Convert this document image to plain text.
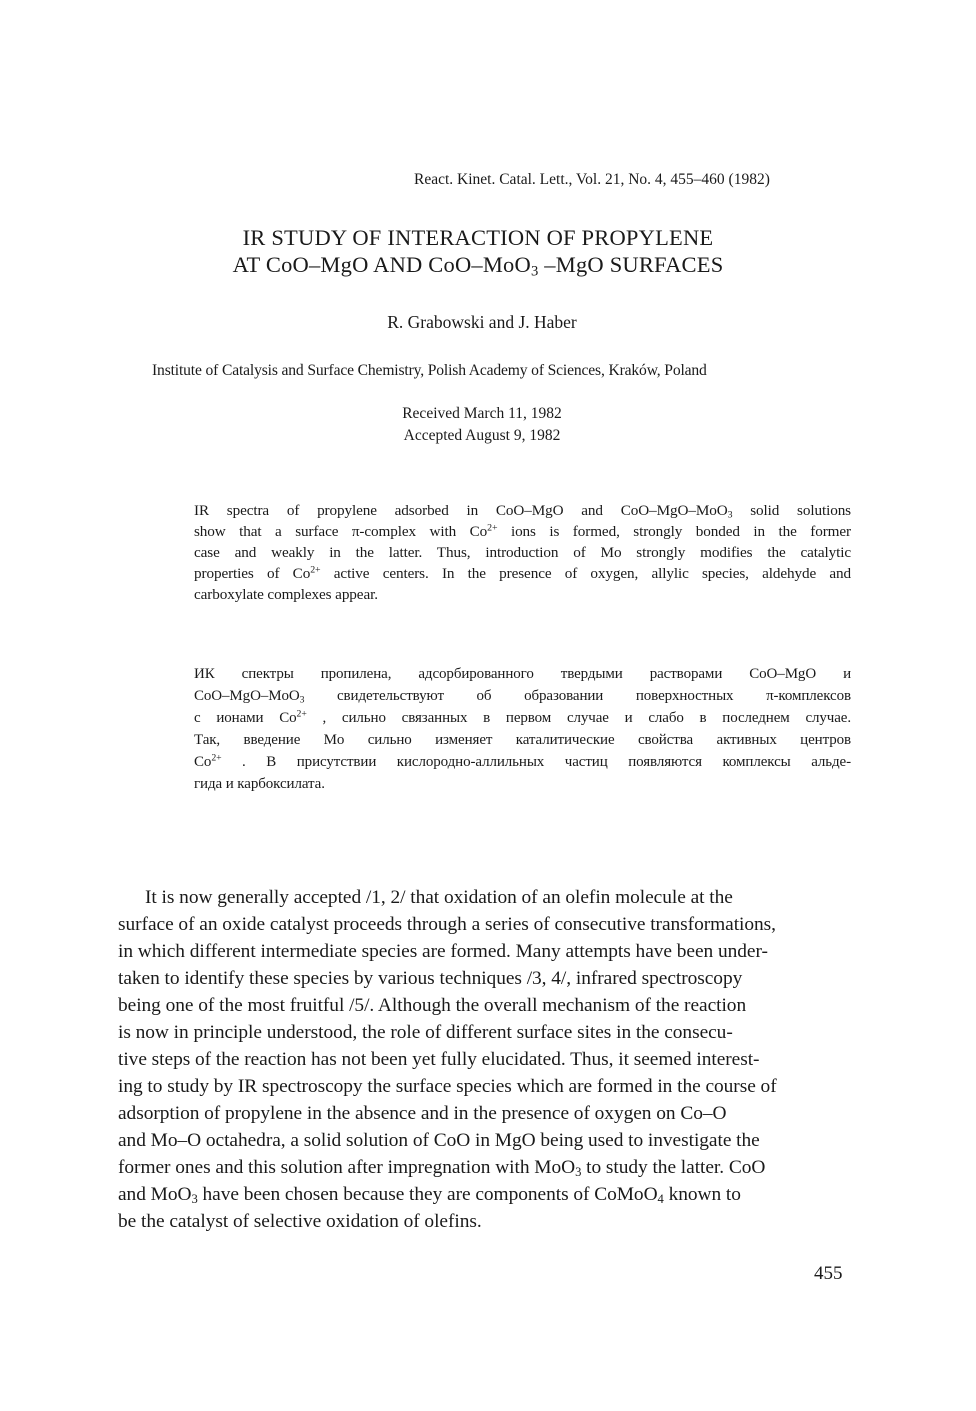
React. Kinet. Catal. Lett., Vol. 21, No. 4, 455–460 (1982)
IR STUDY OF INTERACTION OF PROPYLENE
AT CoO–MgO AND CoO–MoO$_3$ –MgO SURFACES
R. Grabowski and J. Haber
Institute of Catalysis and Surface Chemistry, Polish Academy of Sciences, Kraków, Poland
Received March 11, 1982
Accepted August 9, 1982
IR spectra of propylene adsorbed in CoO–MgO and CoO–MgO–MoO$_3$ solid solutions
show that a surface π-complex with $Co^{2+}$ ions is formed, strongly bonded in the former
case and weakly in the latter. Thus, introduction of Mo strongly modifies the catalytic
properties of $Co^{2+}$ active centers. In the presence of oxygen, allylic species, aldehyde and
carboxylate complexes appear.
ИК спектры пропилена, адсорбированного твердыми растворами CoO–MgO и
CoO–MgO–MoO$_3$ свидетельствуют об образовании поверхностных π-комплексов
с ионами $Co^{2+}$ , сильно связанных в первом случае и слабо в последнем случае.
Так, введение Mo сильно изменяет каталитические свойства активных центров
$Co^{2+}$ . В присутствии кислородно-аллильных частиц появляются комплексы альде-
гида и карбоксилата.
It is now generally accepted /1, 2/ that oxidation of an olefin molecule at the
surface of an oxide catalyst proceeds through a series of consecutive transformations,
in which different intermediate species are formed. Many attempts have been under-
taken to identify these species by various techniques /3, 4/, infrared spectroscopy
being one of the most fruitful /5/. Although the overall mechanism of the reaction
is now in principle understood, the role of different surface sites in the consecu-
tive steps of the reaction has not been yet fully elucidated. Thus, it seemed interest-
ing to study by IR spectroscopy the surface species which are formed in the course of
adsorption of propylene in the absence and in the presence of oxygen on Co–O
and Mo–O octahedra, a solid solution of CoO in MgO being used to investigate the
former ones and this solution after impregnation with MoO$_3$ to study the latter. CoO
and MoO$_3$ have been chosen because they are components of CoMoO$_4$ known to
be the catalyst of selective oxidation of olefins.
455
